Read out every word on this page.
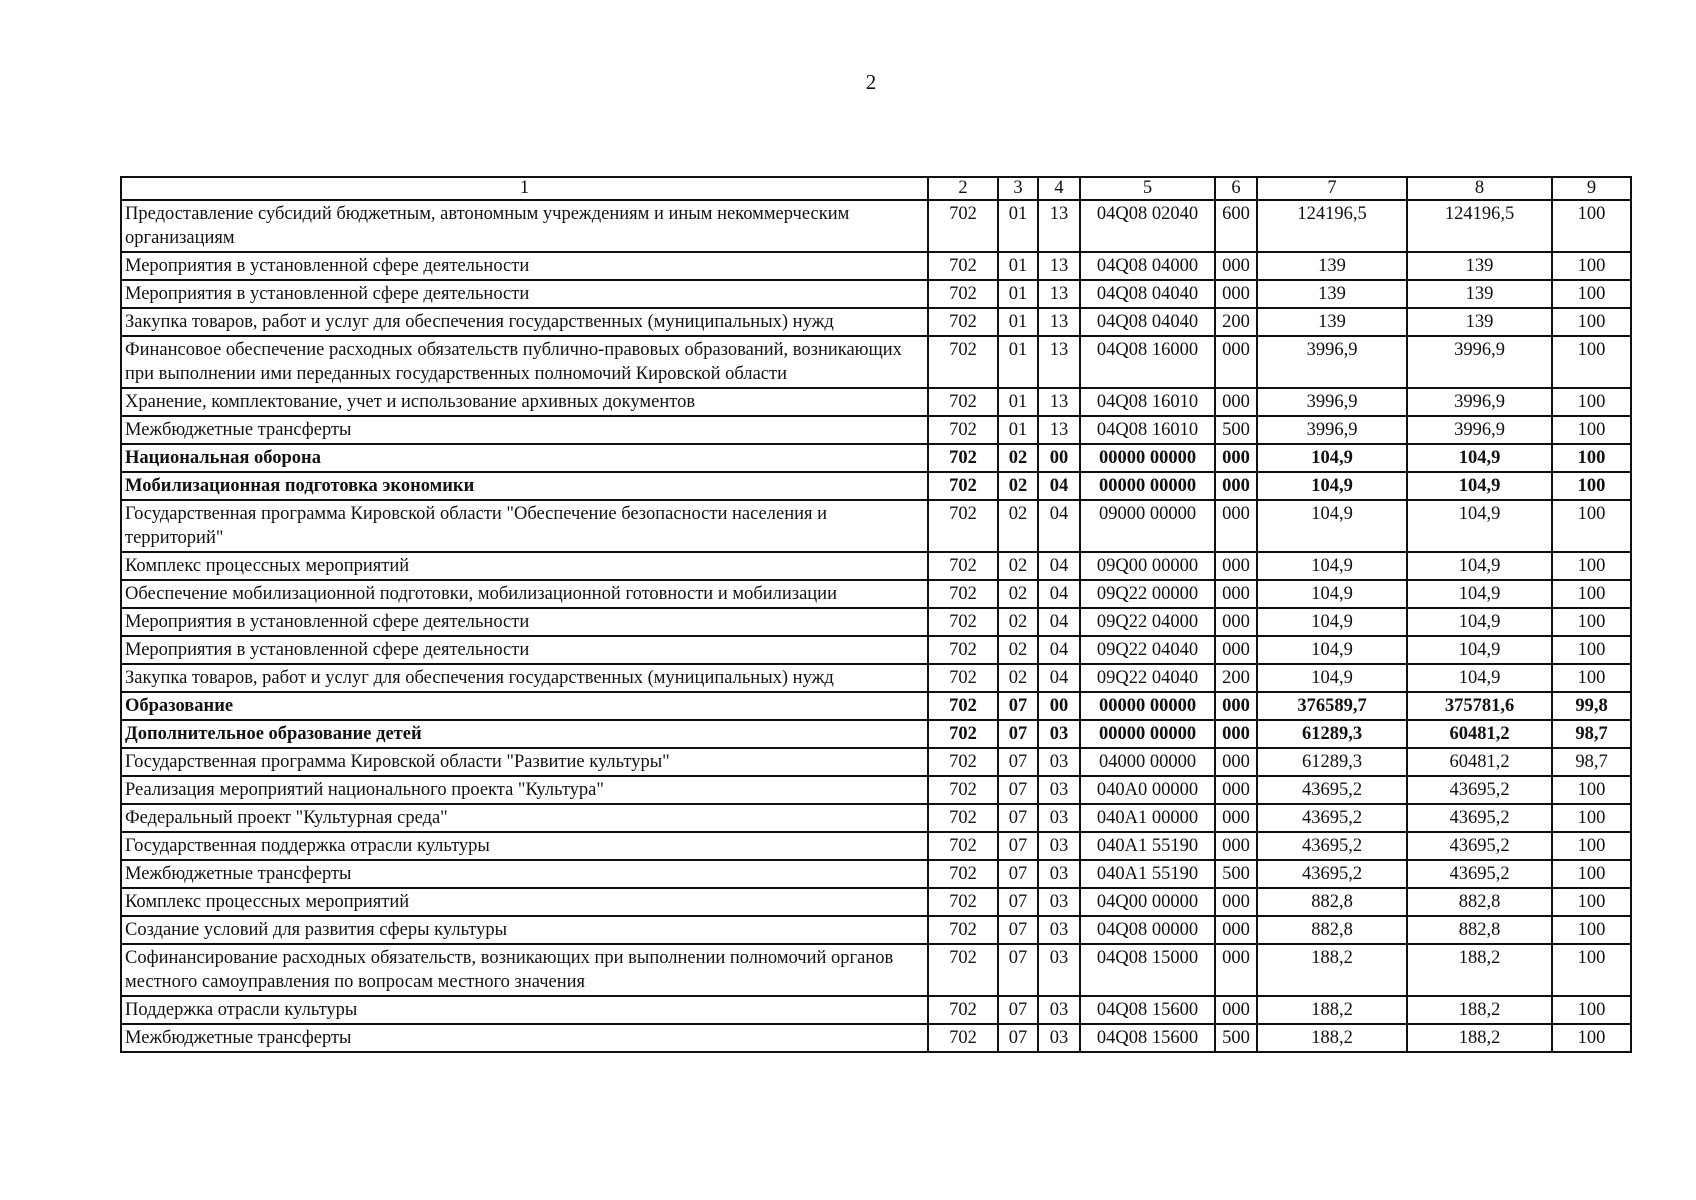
2
1	2	3	4	5	6	7	8	9
Предоставление субсидий бюджетным, автономным учреждениям и иным некоммерческим организациям	702	01	13	04Q08 02040	600	124196,5	124196,5	100
Мероприятия в установленной сфере деятельности	702	01	13	04Q08 04000	000	139	139	100
Мероприятия в установленной сфере деятельности	702	01	13	04Q08 04040	000	139	139	100
Закупка товаров, работ и услуг для обеспечения государственных (муниципальных) нужд	702	01	13	04Q08 04040	200	139	139	100
Финансовое обеспечение расходных обязательств публично-правовых образований, возникающих при выполнении ими переданных государственных полномочий Кировской области	702	01	13	04Q08 16000	000	3996,9	3996,9	100
Хранение, комплектование, учет и использование архивных документов	702	01	13	04Q08 16010	000	3996,9	3996,9	100
Межбюджетные трансферты	702	01	13	04Q08 16010	500	3996,9	3996,9	100
Национальная оборона	702	02	00	00000 00000	000	104,9	104,9	100
Мобилизационная подготовка экономики	702	02	04	00000 00000	000	104,9	104,9	100
Государственная программа Кировской области "Обеспечение безопасности населения и территорий"	702	02	04	09000 00000	000	104,9	104,9	100
Комплекс процессных мероприятий	702	02	04	09Q00 00000	000	104,9	104,9	100
Обеспечение мобилизационной подготовки, мобилизационной готовности и мобилизации	702	02	04	09Q22 00000	000	104,9	104,9	100
Мероприятия в установленной сфере деятельности	702	02	04	09Q22 04000	000	104,9	104,9	100
Мероприятия в установленной сфере деятельности	702	02	04	09Q22 04040	000	104,9	104,9	100
Закупка товаров, работ и услуг для обеспечения государственных (муниципальных) нужд	702	02	04	09Q22 04040	200	104,9	104,9	100
Образование	702	07	00	00000 00000	000	376589,7	375781,6	99,8
Дополнительное образование детей	702	07	03	00000 00000	000	61289,3	60481,2	98,7
Государственная программа Кировской области "Развитие культуры"	702	07	03	04000 00000	000	61289,3	60481,2	98,7
Реализация мероприятий национального проекта "Культура"	702	07	03	040А0 00000	000	43695,2	43695,2	100
Федеральный проект "Культурная среда"	702	07	03	040А1 00000	000	43695,2	43695,2	100
Государственная поддержка отрасли культуры	702	07	03	040А1 55190	000	43695,2	43695,2	100
Межбюджетные трансферты	702	07	03	040А1 55190	500	43695,2	43695,2	100
Комплекс процессных мероприятий	702	07	03	04Q00 00000	000	882,8	882,8	100
Создание условий для развития сферы культуры	702	07	03	04Q08 00000	000	882,8	882,8	100
Софинансирование расходных обязательств, возникающих при выполнении полномочий органов местного самоуправления по вопросам местного значения	702	07	03	04Q08 15000	000	188,2	188,2	100
Поддержка отрасли культуры	702	07	03	04Q08 15600	000	188,2	188,2	100
Межбюджетные трансферты	702	07	03	04Q08 15600	500	188,2	188,2	100
